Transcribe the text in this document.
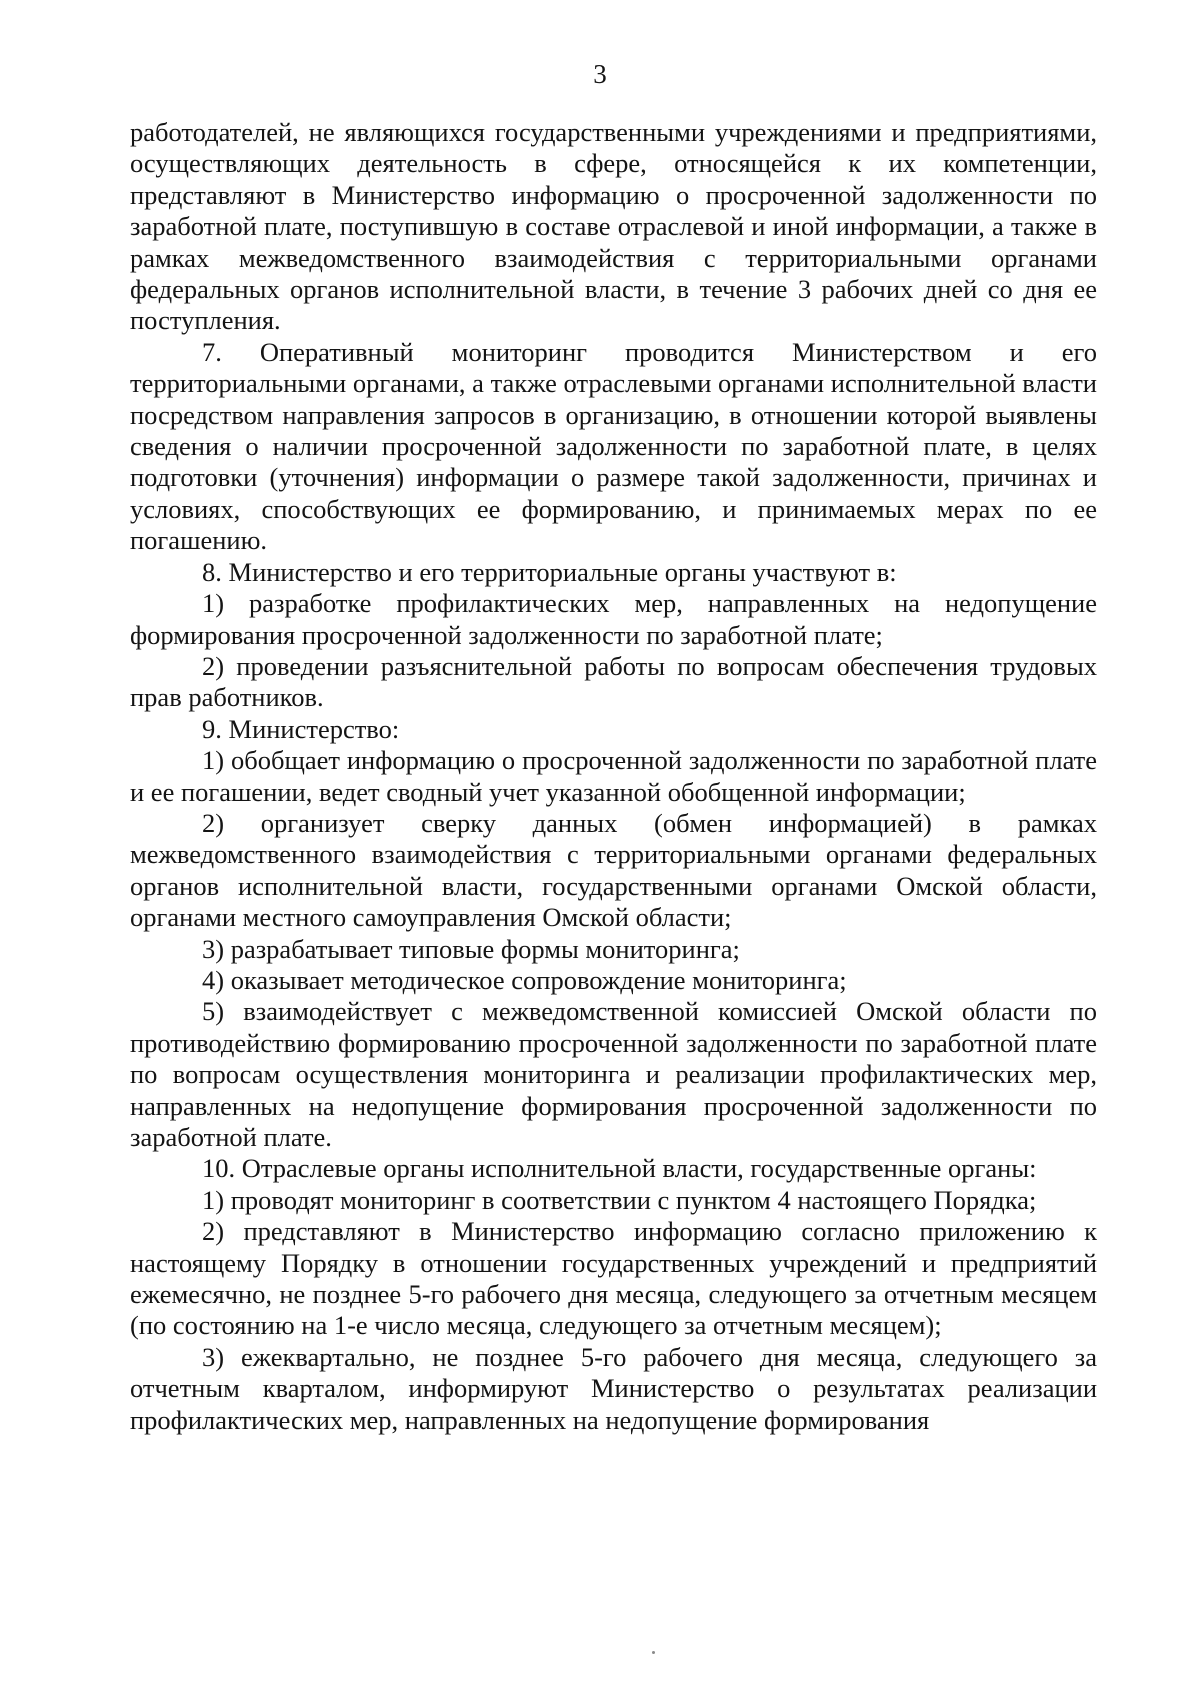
3

работодателей, не являющихся государственными учреждениями и предприятиями, осуществляющих деятельность в сфере, относящейся к их компетенции, представляют в Министерство информацию о просроченной задолженности по заработной плате, поступившую в составе отраслевой и иной информации, а также в рамках межведомственного взаимодействия с территориальными органами федеральных органов исполнительной власти, в течение 3 рабочих дней со дня ее поступления.

7. Оперативный мониторинг проводится Министерством и его территориальными органами, а также отраслевыми органами исполнительной власти посредством направления запросов в организацию, в отношении которой выявлены сведения о наличии просроченной задолженности по заработной плате, в целях подготовки (уточнения) информации о размере такой задолженности, причинах и условиях, способствующих ее формированию, и принимаемых мерах по ее погашению.

8. Министерство и его территориальные органы участвуют в:

1) разработке профилактических мер, направленных на недопущение формирования просроченной задолженности по заработной плате;

2) проведении разъяснительной работы по вопросам обеспечения трудовых прав работников.

9. Министерство:

1) обобщает информацию о просроченной задолженности по заработной плате и ее погашении, ведет сводный учет указанной обобщенной информации;

2) организует сверку данных (обмен информацией) в рамках межведомственного взаимодействия с территориальными органами федеральных органов исполнительной власти, государственными органами Омской области, органами местного самоуправления Омской области;

3) разрабатывает типовые формы мониторинга;

4) оказывает методическое сопровождение мониторинга;

5) взаимодействует с межведомственной комиссией Омской области по противодействию формированию просроченной задолженности по заработной плате по вопросам осуществления мониторинга и реализации профилактических мер, направленных на недопущение формирования просроченной задолженности по заработной плате.

10. Отраслевые органы исполнительной власти, государственные органы:

1) проводят мониторинг в соответствии с пунктом 4 настоящего Порядка;

2) представляют в Министерство информацию согласно приложению к настоящему Порядку в отношении государственных учреждений и предприятий ежемесячно, не позднее 5-го рабочего дня месяца, следующего за отчетным месяцем (по состоянию на 1-е число месяца, следующего за отчетным месяцем);

3) ежеквартально, не позднее 5-го рабочего дня месяца, следующего за отчетным кварталом, информируют Министерство о результатах реализации профилактических мер, направленных на недопущение формирования
